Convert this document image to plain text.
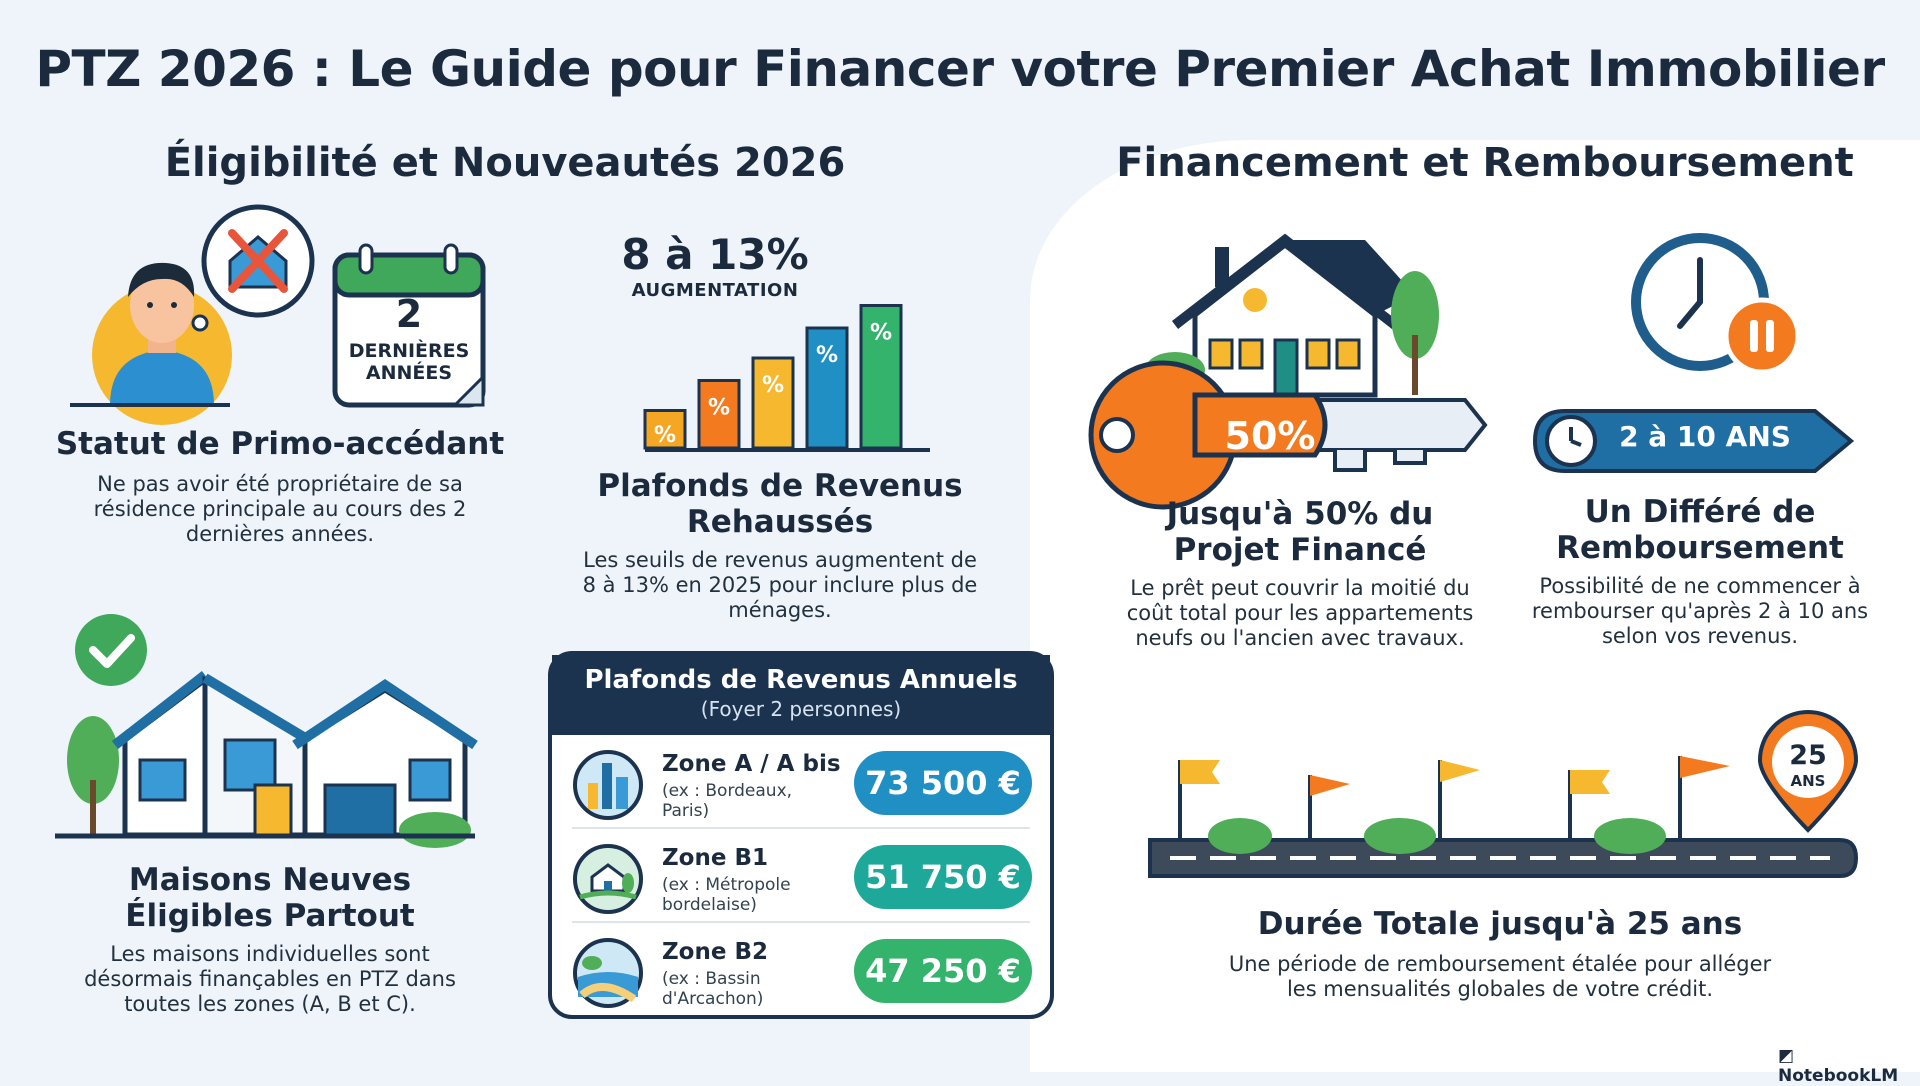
PTZ 2026 : Le Guide pour Financer votre Premier Achat Immobilier
Éligibilité et Nouveautés 2026
2
DERNIÈRES
ANNÉES
Statut de Primo-accédant
Ne pas avoir été propriétaire de sa
résidence principale au cours des 2
dernières années.
8 à 13%
AUGMENTATION
%
%
%
%
%
Plafonds de Revenus
Rehaussés
Les seuils de revenus augmentent de
8 à 13% en 2025 pour inclure plus de
ménages.
Maisons Neuves
Éligibles Partout
Les maisons individuelles sont
désormais finançables en PTZ dans
toutes les zones (A, B et C).
Plafonds de Revenus Annuels
(Foyer 2 personnes)
Zone A / A bis
(ex : Bordeaux, Paris)
73 500 €
Zone B1
(ex : Métropole
bordelaise)
51 750 €
Zone B2
(ex : Bassin
d'Arcachon)
47 250 €
Financement et Remboursement
50%
Jusqu'à 50% du
Projet Financé
Le prêt peut couvrir la moitié du
coût total pour les appartements
neufs ou l'ancien avec travaux.
2 à 10 ANS
Un Différé de
Remboursement
Possibilité de ne commencer à
rembourser qu'après 2 à 10 ans
selon vos revenus.
25
ANS
Durée Totale jusqu'à 25 ans
Une période de remboursement étalée pour alléger
les mensualités globales de votre crédit.
◩ NotebookLM
